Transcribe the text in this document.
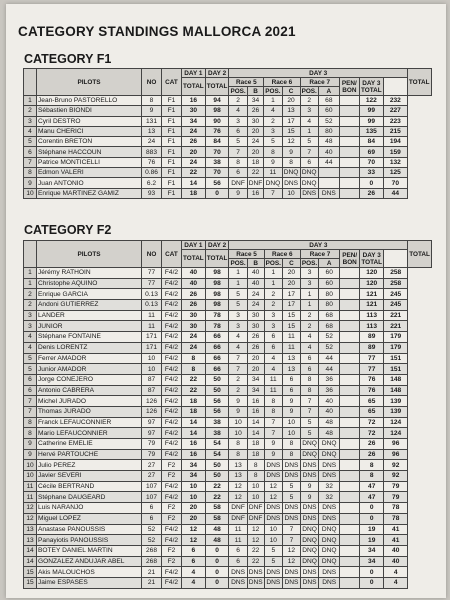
CATEGORY STANDINGS MALLORCA 2021
CATEGORY F1
	PILOTS	NO	CAT	DAY 1	DAY 2	DAY 3									TOTAL
				TOTAL	TOTAL	Race 5		Race 6		Race 7		PEN/ BON	DAY 3 TOTAL		
						POS.	B	POS.	C	POS.	A				
1	Jean-Bruno PASTORELLO	8	F1	16	94	2	34	1	20	2	68		122	232	
2	Sébastien BIONDI	9	F1	30	98	4	26	4	13	3	60		99	227	
3	Cyril DESTRO	131	F1	34	90	3	30	2	17	4	52		99	223	
4	Manu CHERICI	13	F1	24	76	6	20	3	15	1	80		135	215	
5	Corentin BRETON	24	F1	26	84	5	24	5	12	5	48		84	194	
6	Stéphane HACCOUN	883	F1	20	70	7	20	8	9	7	40		69	159	
7	Patrice MONTICELLI	76	F1	24	38	8	18	9	8	6	44		70	132	
8	Edmon VALERI	0.86	F1	22	70	6	22	11	DNQ	DNQ			33	125	
9	Juan ANTONIO	6.2	F1	14	56	DNF	DNF	DNQ	DNS	DNQ			0	70	
10	Enrique MARTINEZ GAMIZ	93	F1	18	0	9	16	7	10	DNS	DNS		26	44	
CATEGORY F2
	PILOTS	NO	CAT	DAY 1	DAY 2	DAY 3									TOTAL
				TOTAL	TOTAL	Race 5		Race 6		Race 7		PEN/ BON	DAY 3 TOTAL		
						POS.	B	POS.	C	POS.	A				
1	Jérémy RATHOIN	77	F4/2	40	98	1	40	1	20	3	60		120	258	
1	Christophe AQUINO	77	F4/2	40	98	1	40	1	20	3	60		120	258	
2	Enrique GARCIA	0.13	F4/2	26	98	5	24	2	17	1	80		121	245	
2	Andoni GUTIERREZ	0.13	F4/2	26	98	5	24	2	17	1	80		121	245	
3	LANDER	11	F4/2	30	78	3	30	3	15	2	68		113	221	
3	JUNIOR	11	F4/2	30	78	3	30	3	15	2	68		113	221	
4	Stéphane FONTAINE	171	F4/2	24	66	4	26	6	11	4	52		89	179	
4	Denis LORENTZ	171	F4/2	24	66	4	26	6	11	4	52		89	179	
5	Ferrer AMADOR	10	F4/2	8	66	7	20	4	13	6	44		77	151	
5	Junior AMADOR	10	F4/2	8	66	7	20	4	13	6	44		77	151	
6	Jorge CONEJERO	87	F4/2	22	50	2	34	11	6	8	36		76	148	
6	Antonio CABRERA	87	F4/2	22	50	2	34	11	6	8	36		76	148	
7	Michel JURADO	126	F4/2	18	56	9	16	8	9	7	40		65	139	
7	Thomas JURADO	126	F4/2	18	56	9	16	8	9	7	40		65	139	
8	Franck LEFAUCONNIER	97	F4/2	14	38	10	14	7	10	5	48		72	124	
8	Mario LEFAUCONNIER	97	F4/2	14	38	10	14	7	10	5	48		72	124	
9	Catherine EMELIE	79	F4/2	16	54	8	18	9	8	DNQ	DNQ		26	96	
9	Hervé PARTOUCHE	79	F4/2	16	54	8	18	9	8	DNQ	DNQ		26	96	
10	Julio PEREZ	27	F2	34	50	13	8	DNS	DNS	DNS	DNS		8	92	
10	Javier SEVERI	27	F2	34	50	13	8	DNS	DNS	DNS	DNS		8	92	
11	Cécile BERTRAND	107	F4/2	10	22	12	10	12	5	9	32		47	79	
11	Stéphane DAUGEARD	107	F4/2	10	22	12	10	12	5	9	32		47	79	
12	Luis NARANJO	6	F2	20	58	DNF	DNF	DNS	DNS	DNS	DNS		0	78	
12	Miguel LOPEZ	6	F2	20	58	DNF	DNF	DNS	DNS	DNS	DNS		0	78	
13	Anastase PANOUSSIS	52	F4/2	12	48	11	12	10	7	DNQ	DNQ		19	41	
13	Panayiotis PANOUSSIS	52	F4/2	12	48	11	12	10	7	DNQ	DNQ		19	41	
14	BOTEY DANIEL MARTIN	268	F2	6	0	6	22	5	12	DNQ	DNQ		34	40	
14	GONZALEZ ANDUJAR ABEL	268	F2	6	0	6	22	5	12	DNQ	DNQ		34	40	
15	Akis MALOUCHOS	21	F4/2	4	0	DNS	DNS	DNS	DNS	DNS	DNS		0	4	
15	Jaime ESPASES	21	F4/2	4	0	DNS	DNS	DNS	DNS	DNS	DNS		0	4	
